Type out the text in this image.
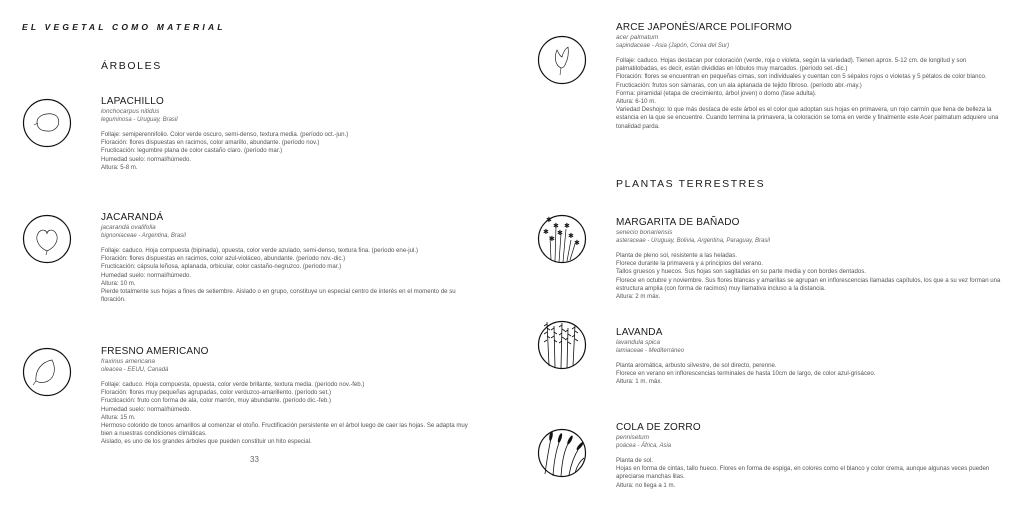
EL VEGETAL COMO MATERIAL
ÁRBOLES
LAPACHILLO
lonchocarpus nitidus
leguminosa - Uruguay, Brasil
Follaje: semiperennifolio. Color verde oscuro, semi-denso, textura media. (período oct.-jun.)
Floración: flores dispuestas en racimos, color amarillo, abundante. (período nov.)
Fructicación: legumbre plana de color castaño claro. (período mar.)
Humedad suelo: normal/húmedo.
Altura: 5-8 m.
JACARANDÁ
jacarandá ovalifolia
bignoniaceae - Argentina, Brasil
Follaje: caduco. Hoja compuesta (bipinada), opuesta, color verde azulado, semi-denso, textura fina. (período ene-jul.)
Floración: flores dispuestas en racimos, color azul-violáceo, abundante. (período nov.-dic.)
Fructicación: cápsula leñosa, aplanada, orbicular, color castaño-negruzco. (período mar.)
Humedad suelo: normal/húmedo.
Altura: 10 m.
Pierde totalmente sus hojas a fines de setiembre. Aislado o en grupo, constituye un especial centro de interés en el momento de su floración.
FRESNO AMERICANO
fraxinus americana
oleacea - EEUU, Canadá
Follaje: caduco. Hoja compuesta, opuesta, color verde brillante, textura media. (período nov.-feb.)
Floración: flores muy pequeñas agrupadas, color verduzco-amarillento. (período set.)
Fructicación: fruto con forma de ala, color marrón, muy abundante. (período dic.-feb.)
Humedad suelo: normal/húmedo.
Altura: 15 m.
Hermoso colorido de tonos amarillos al comenzar el otoño. Fructificación persistente en el árbol luego de caer las hojas. Se adapta muy bien a nuestras condiciones climáticas.
Aislado, es uno de los grandes árboles que pueden constituir un hito especial.
33
ARCE JAPONÉS/ARCE POLIFORMO
acer palmatum
sapindaceae - Asia (Japón, Corea del Sur)
Follaje: caduco. Hojas destacan por coloración (verde, roja o violeta, según la variedad). Tienen aprox. 5-12 cm. de longitud y son palmatilobadas, es decir, están divididas en lóbulos muy marcados. (período set.-dic.)
Floración: flores se encuentran en pequeñas cimas, son individuales y cuentan con 5 sépalos rojos o violetas y 5 pétalos de color blanco.
Fructicación: frutos son sámaras, con un ala aplanada de tejido fibroso. (período abr.-may.)
Forma: piramidal (etapa de crecimiento, árbol joven) o domo (fase adulta).
Altura: 6-10 m.
Variedad Deshojo: lo que más destaca de este árbol es el color que adoptan sus hojas en primavera, un rojo carmín que llena de belleza la estancia en la que se encuentre. Cuando termina la primavera, la coloración se torna en verde y finalmente este Acer palmatum adquiere una tonalidad parda.
PLANTAS TERRESTRES
✱
✱
✱ ✱
✱
✱
✱
✱
MARGARITA DE BAÑADO
senecio bonariensis
asteraceae - Uruguay, Bolivia, Argentina, Paraguay, Brasil
Planta de pleno sol, resistente a las heladas.
Florece durante la primavera y a principios del verano.
Tallos gruesos y huecos. Sus hojas son sagitadas en su parte media y con bordes dentados.
Florece en octubre y noviembre. Sus flores blancas y amarillas se agrupan en inflorescencias llamadas capítulos, los que a su vez forman una estructura amplia (con forma de racimos) muy llamativa incluso a la distancia.
Altura: 2 m máx.
LAVANDA
lavandula spica
lamiaceae - Mediterráneo
Planta aromática, arbusto silvestre, de sol directo, perenne.
Florece en verano en inflorescencias terminales de hasta 10cm de largo, de color azul-grisáceo.
Altura: 1 m. máx.
COLA DE ZORRO
pennisetum
poácea - África, Asia
Planta de sol.
Hojas en forma de cintas, tallo hueco. Flores en forma de espiga, en colores como el blanco y color crema, aunque algunas veces pueden apreciarse manchas lilas.
Altura: no llega a 1 m.
